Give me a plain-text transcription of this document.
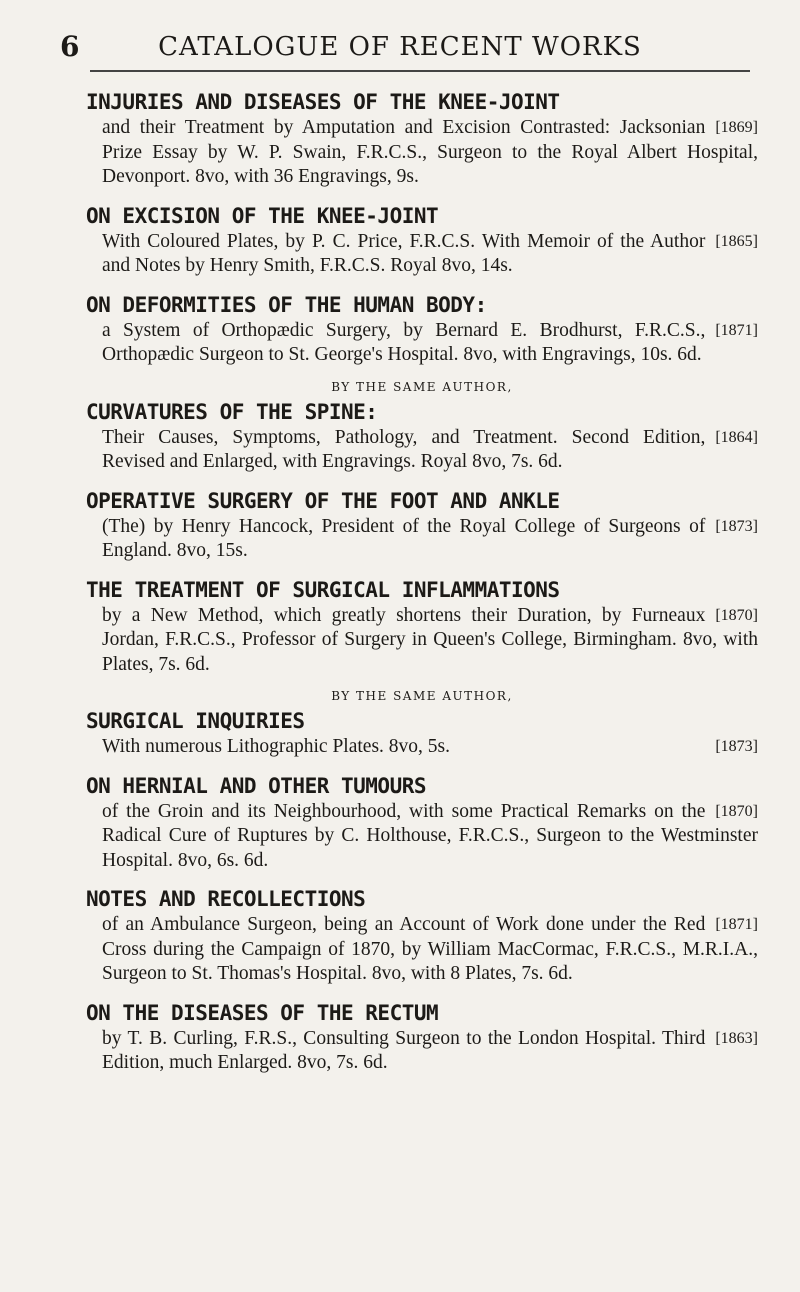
6	CATALOGUE OF RECENT WORKS
INJURIES AND DISEASES OF THE KNEE-JOINT
[1869]
and their Treatment by Amputation and Excision Contrasted: Jacksonian Prize Essay by W. P. Swain, F.R.C.S., Surgeon to the Royal Albert Hospital, Devonport. 8vo, with 36 Engravings, 9s.
ON EXCISION OF THE KNEE-JOINT
[1865]
With Coloured Plates, by P. C. Price, F.R.C.S. With Memoir of the Author and Notes by Henry Smith, F.R.C.S. Royal 8vo, 14s.
ON DEFORMITIES OF THE HUMAN BODY:
[1871]
a System of Orthopædic Surgery, by Bernard E. Brodhurst, F.R.C.S., Orthopædic Surgeon to St. George's Hospital. 8vo, with Engravings, 10s. 6d.
BY THE SAME AUTHOR,
CURVATURES OF THE SPINE:
[1864]
Their Causes, Symptoms, Pathology, and Treatment. Second Edition, Revised and Enlarged, with Engravings. Royal 8vo, 7s. 6d.
OPERATIVE SURGERY OF THE FOOT AND ANKLE
[1873]
(The) by Henry Hancock, President of the Royal College of Surgeons of England. 8vo, 15s.
THE TREATMENT OF SURGICAL INFLAMMATIONS
[1870]
by a New Method, which greatly shortens their Duration, by Furneaux Jordan, F.R.C.S., Professor of Surgery in Queen's College, Birmingham. 8vo, with Plates, 7s. 6d.
BY THE SAME AUTHOR,
SURGICAL INQUIRIES
[1873]
With numerous Lithographic Plates. 8vo, 5s.
ON HERNIAL AND OTHER TUMOURS
[1870]
of the Groin and its Neighbourhood, with some Practical Remarks on the Radical Cure of Ruptures by C. Holthouse, F.R.C.S., Surgeon to the Westminster Hospital. 8vo, 6s. 6d.
NOTES AND RECOLLECTIONS
[1871]
of an Ambulance Surgeon, being an Account of Work done under the Red Cross during the Campaign of 1870, by William MacCormac, F.R.C.S., M.R.I.A., Surgeon to St. Thomas's Hospital. 8vo, with 8 Plates, 7s. 6d.
ON THE DISEASES OF THE RECTUM
[1863]
by T. B. Curling, F.R.S., Consulting Surgeon to the London Hospital. Third Edition, much Enlarged. 8vo, 7s. 6d.
